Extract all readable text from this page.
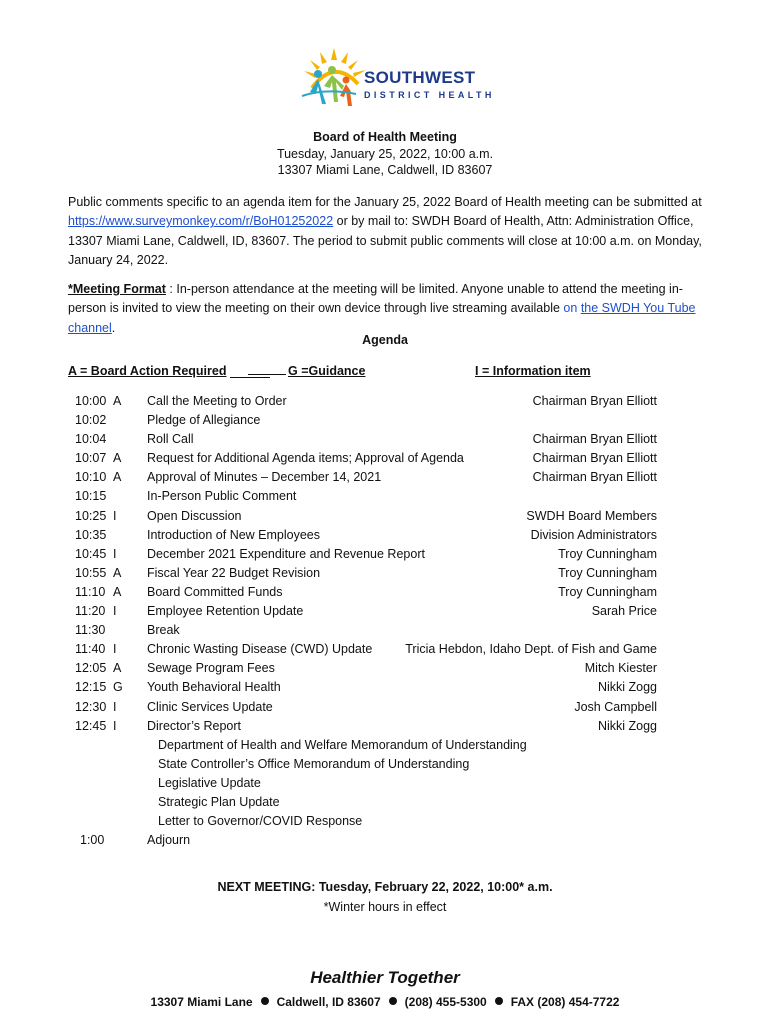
SOUTHWEST
DISTRICT HEALTH
Board of Health Meeting
Tuesday, January 25, 2022, 10:00 a.m.
13307 Miami Lane, Caldwell, ID 83607
Public comments specific to an agenda item for the January 25, 2022 Board of Health meeting can be submitted at https://www.surveymonkey.com/r/BoH01252022 or by mail to: SWDH Board of Health, Attn: Administration Office, 13307 Miami Lane, Caldwell, ID, 83607. The period to submit public comments will close at 10:00 a.m. on Monday, January 24, 2022.
*Meeting Format : In-person attendance at the meeting will be limited. Anyone unable to attend the meeting in-person is invited to view the meeting on their own device through live streaming available on the SWDH You Tube channel.
Agenda
A = Board Action Required	G =Guidance	I = Information item
10:00 A Call the Meeting to Order	Chairman Bryan Elliott
10:02	Pledge of Allegiance
10:04	Roll Call	Chairman Bryan Elliott
10:07 A Request for Additional Agenda items; Approval of Agenda	Chairman Bryan Elliott
10:10 A Approval of Minutes – December 14, 2021	Chairman Bryan Elliott
10:15	In-Person Public Comment
10:25 I Open Discussion	SWDH Board Members
10:35	Introduction of New Employees	Division Administrators
10:45 I December 2021 Expenditure and Revenue Report	Troy Cunningham
10:55 A Fiscal Year 22 Budget Revision	Troy Cunningham
11:10 A Board Committed Funds	Troy Cunningham
11:20 I Employee Retention Update	Sarah Price
11:30	Break
11:40 I Chronic Wasting Disease (CWD) Update	Tricia Hebdon, Idaho Dept. of Fish and Game
12:05 A Sewage Program Fees	Mitch Kiester
12:15 G Youth Behavioral Health	Nikki Zogg
12:30 I Clinic Services Update	Josh Campbell
12:45 I Director’s Report	Nikki Zogg
Department of Health and Welfare Memorandum of Understanding
State Controller’s Office Memorandum of Understanding
Legislative Update
Strategic Plan Update
Letter to Governor/COVID Response
1:00	Adjourn
NEXT MEETING: Tuesday, February 22, 2022, 10:00* a.m.
*Winter hours in effect
Healthier Together
13307 Miami Lane Caldwell, ID 83607 (208) 455-5300 FAX (208) 454-7722
